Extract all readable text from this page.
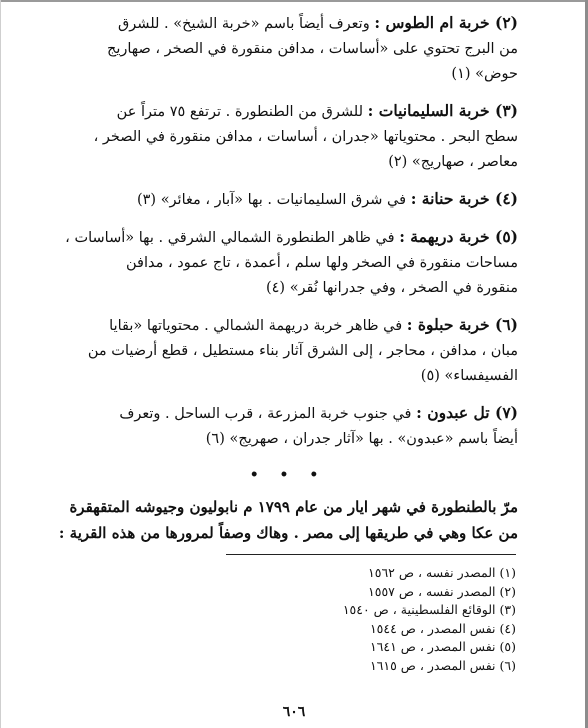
(٢) خربة ام الطوس : وتعرف أيضاً باسم «خربة الشيخ» . للشرق
من البرج تحتوي على «أساسات ، مدافن منقورة في الصخر ، صهاريج
حوض» (١)
(٣) خربة السليمانيات : للشرق من الطنطورة . ترتفع ٧٥ متراً عن
سطح البحر . محتوياتها «جدران ، أساسات ، مدافن منقورة في الصخر ،
معاصر ، صهاريج» (٢)
(٤) خربة حنانة : في شرق السليمانيات . بها «آبار ، مغائر» (٣)
(٥) خربة دريهمة : في ظاهر الطنطورة الشمالي الشرقي . بها «أساسات ،
مساحات منقورة في الصخر ولها سلم ، أعمدة ، تاج عمود ، مدافن
منقورة في الصخر ، وفي جدرانها نُقر» (٤)
(٦) خربة حبلوة : في ظاهر خربة دريهمة الشمالي . محتوياتها «بقايا
مبان ، مدافن ، محاجر ، إلى الشرق آثار بناء مستطيل ، قطع أرضيات من
الفسيفساء» (٥)
(٧) تل عبدون : في جنوب خربة المزرعة ، قرب الساحل . وتعرف
أيضاً باسم «عبدون» . بها «آثار جدران ، صهريج» (٦)
• • •
مرّ بالطنطورة في شهر ايار من عام ١٧٩٩ م نابوليون وجيوشه المتقهقرة
من عكا وهي في طريقها إلى مصر . وهاك وصفاً لمرورها من هذه القرية :
(١) المصدر نفسه ، ص ١٥٦٢
(٢) المصدر نفسه ، ص ١٥٥٧
(٣) الوقائع الفلسطينية ، ص ١٥٤٠
(٤) نفس المصدر ، ص ١٥٤٤
(٥) نفس المصدر ، ص ١٦٤١
(٦) نفس المصدر ، ص ١٦١٥
٦٠٦
